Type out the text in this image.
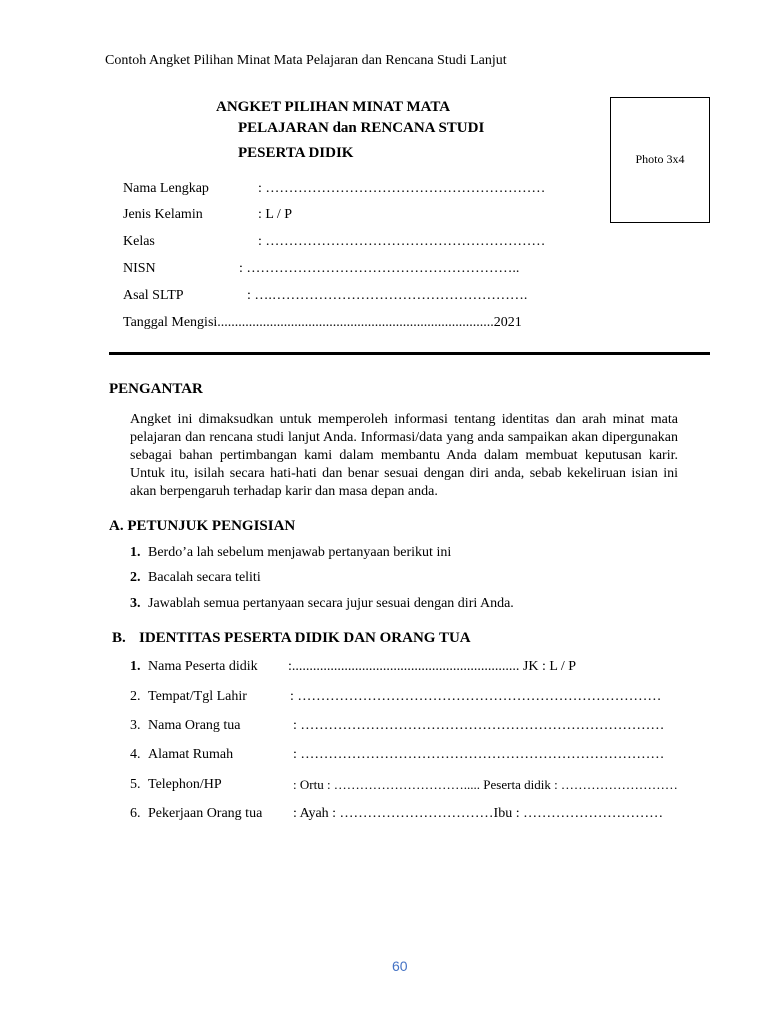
Contoh Angket Pilihan Minat Mata Pelajaran dan Rencana Studi Lanjut
ANGKET PILIHAN MINAT MATA
PELAJARAN dan RENCANA STUDI
PESERTA DIDIK	Photo 3x4
Nama Lengkap	: ……………………………………………………
Jenis Kelamin	: L / P
Kelas	: ……………………………………………………
NISN	: …………………………………………………..
Asal SLTP	: ….……………………………………………….
Tanggal Mengisi...............................................................................2021
PENGANTAR

Angket ini dimaksudkan untuk memperoleh informasi tentang identitas dan arah minat mata pelajaran dan rencana studi lanjut Anda. Informasi/data yang anda sampaikan akan dipergunakan sebagai bahan pertimbangan kami dalam membantu Anda dalam membuat keputusan karir. Untuk itu, isilah secara hati-hati dan benar sesuai dengan diri anda, sebab kekeliruan isian ini akan berpengaruh terhadap karir dan masa depan anda.

A. PETUNJUK PENGISIAN
1. Berdo’a lah sebelum menjawab pertanyaan berikut ini
2. Bacalah secara teliti
3. Jawablah semua pertanyaan secara jujur sesuai dengan diri Anda.
B. IDENTITAS PESERTA DIDIK DAN ORANG TUA
1. Nama Peserta didik :................................................................. JK : L / P
2. Tempat/Tgl Lahir	: ……………………………………………………………………
3. Nama Orang tua	: ……………………………………………………………………
4. Alamat Rumah	: ……………………………………………………………………
5. Telephon/HP	: Ortu : …………………………..... Peserta didik : ………………………
6. Pekerjaan Orang tua : Ayah : ……………………………Ibu : …………………………
60
